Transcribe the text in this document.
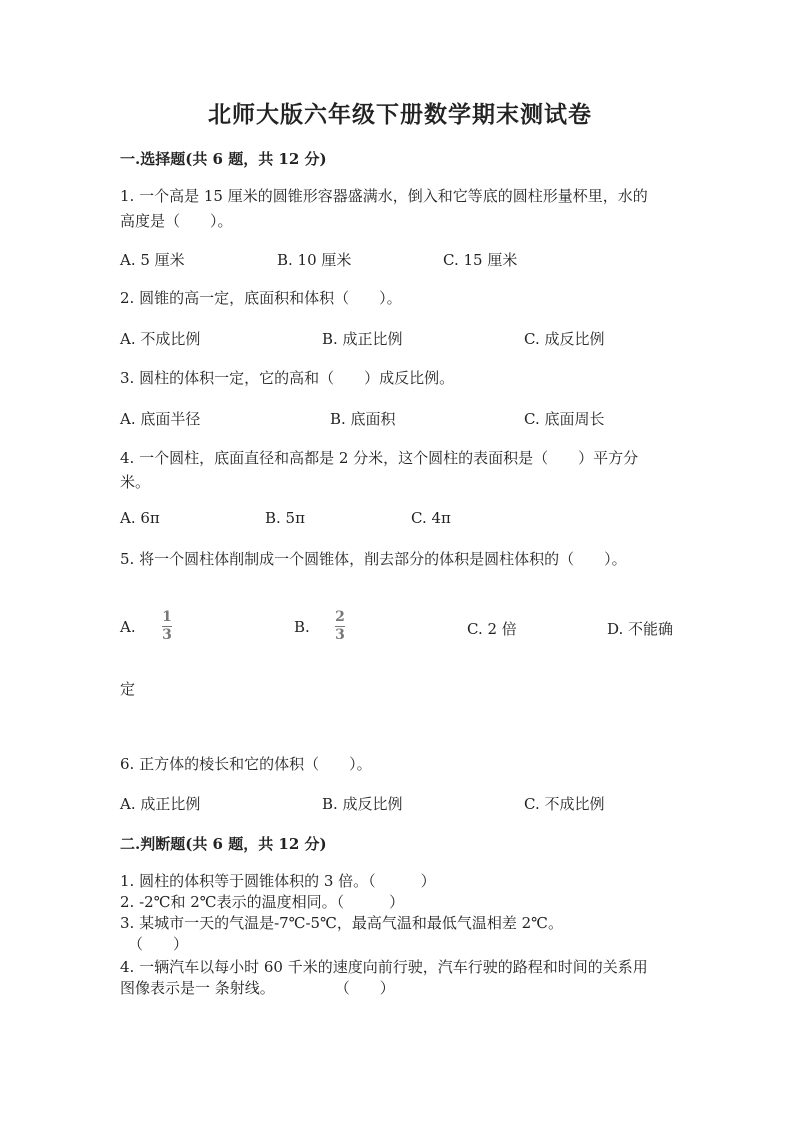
北师大版六年级下册数学期末测试卷
一.选择题(共 6 题，共 12 分)
1. 一个高是 15 厘米的圆锥形容器盛满水，倒入和它等底的圆柱形量杯里，水的
高度是（　　）。
A. 5 厘米	B. 10 厘米	C. 15 厘米
2. 圆锥的高一定，底面积和体积（　　）。
A. 不成比例	B. 成正比例	C. 成反比例
3. 圆柱的体积一定，它的高和（　　）成反比例。
A. 底面半径	B. 底面积	C. 底面周长
4. 一个圆柱，底面直径和高都是 2 分米，这个圆柱的表面积是（　　）平方分
米。
A. 6π	B. 5π	C. 4π
5. 将一个圆柱体削制成一个圆锥体，削去部分的体积是圆柱体积的（　　）。
A.
1
3	B.
2
3	C. 2 倍	D. 不能确
定
6. 正方体的棱长和它的体积（　　）。
A. 成正比例	B. 成反比例	C. 不成比例
二.判断题(共 6 题，共 12 分)
1. 圆柱的体积等于圆锥体积的 3 倍。（　　　）
2. -2℃和 2℃表示的温度相同。（　　　）
3. 某城市一天的气温是-7℃-5℃，最高气温和最低气温相差 2℃。
（　　）
4. 一辆汽车以每小时 60 千米的速度向前行驶，汽车行驶的路程和时间的关系用
图像表示是一 条射线。　　　　　（　　）
